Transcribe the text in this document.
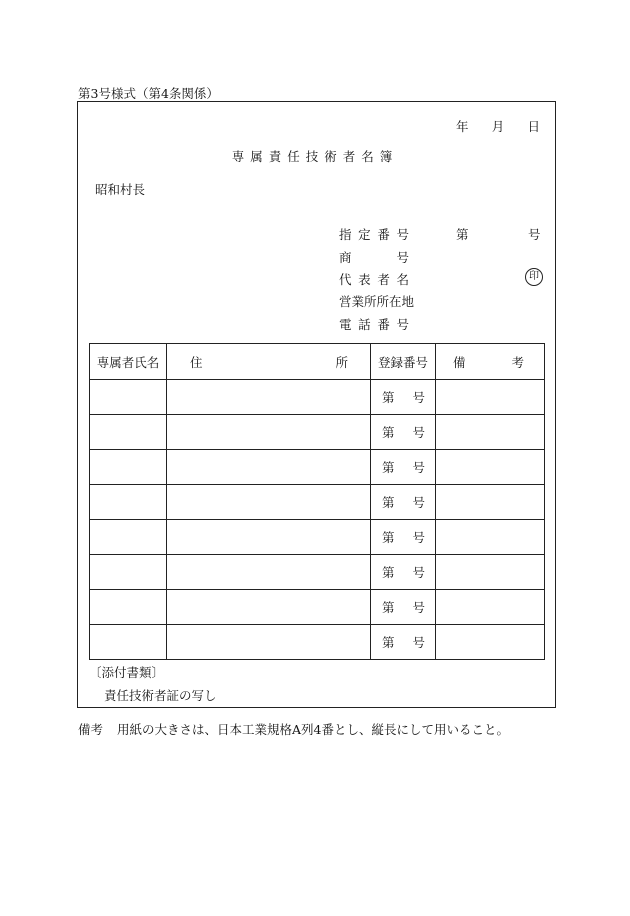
第3号様式（第4条関係）
年 月 日
専属責任技術者名簿
昭和村長
指定番号	第	号
商号
代表者名	印
営業所所在地
電話番号
専属者氏名	住 所	登録番号	備 考

		第 号	

		第 号	

		第 号	

		第 号	

		第 号	

		第 号	

		第 号	

		第 号	

〔添付書類〕
責任技術者証の写し
備考 用紙の大きさは、日本工業規格A列4番とし、縦長にして用いること。
